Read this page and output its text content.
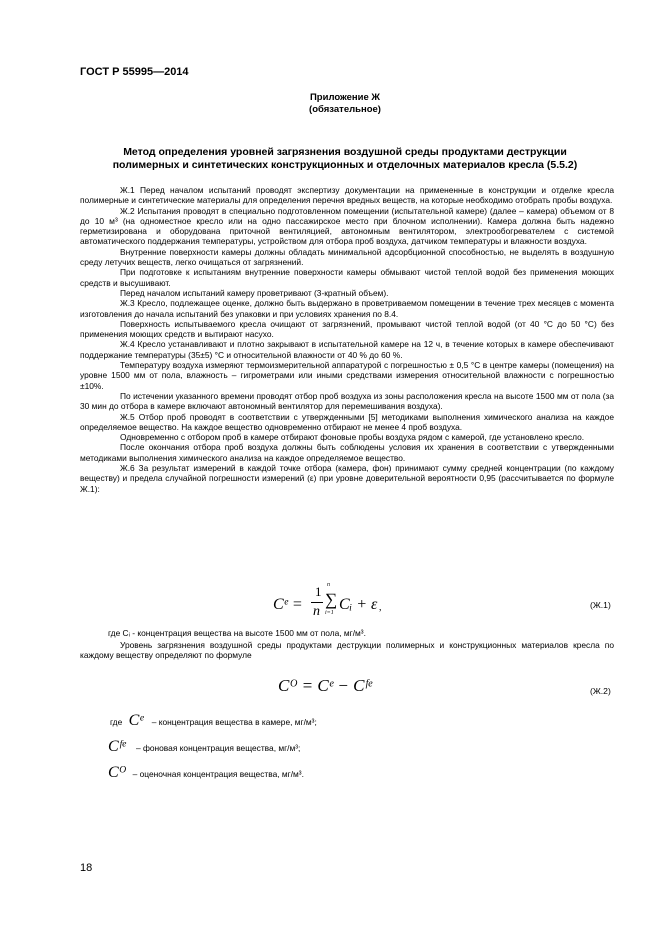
ГОСТ Р 55995—2014
Приложение Ж
(обязательное)
Метод определения уровней загрязнения воздушной среды продуктами деструкции
полимерных и синтетических конструкционных и отделочных материалов кресла (5.5.2)

Ж.1 Перед началом испытаний проводят экспертизу документации на примененные в конструкции и отделке кресла полимерные и синтетические материалы для определения перечня вредных веществ, на которые необходимо отобрать пробы воздуха.

Ж.2 Испытания проводят в специально подготовленном помещении (испытательной камере) (далее – камера) объемом от 8 до 10 м³ (на одноместное кресло или на одно пассажирское место при блочном исполнении). Камера должна быть надежно герметизирована и оборудована приточной вентиляцией, автономным вентилятором, электрообогревателем с системой автоматического поддержания температуры, устройством для отбора проб воздуха, датчиком температуры и влажности воздуха.

Внутренние поверхности камеры должны обладать минимальной адсорбционной способностью, не выделять в воздушную среду летучих веществ, легко очищаться от загрязнений.

При подготовке к испытаниям внутренние поверхности камеры обмывают чистой теплой водой без применения моющих средств и высушивают.

Перед началом испытаний камеру проветривают (3-кратный объем).

Ж.3 Кресло, подлежащее оценке, должно быть выдержано в проветриваемом помещении в течение трех месяцев с момента изготовления до начала испытаний без упаковки и при условиях хранения по 8.4.

Поверхность испытываемого кресла очищают от загрязнений, промывают чистой теплой водой (от 40 °С до 50 °С) без применения моющих средств и вытирают насухо.

Ж.4 Кресло устанавливают и плотно закрывают в испытательной камере на 12 ч, в течение которых в камере обеспечивают поддержание температуры (35±5) °С и относительной влажности от 40 % до 60 %.

Температуру воздуха измеряют термоизмерительной аппаратурой с погрешностью ± 0,5 °С в центре камеры (помещения) на уровне 1500 мм от пола, влажность – гигрометрами или иными средствами измерения относительной влажности с погрешностью ±10%.

По истечении указанного времени проводят отбор проб воздуха из зоны расположения кресла на высоте 1500 мм от пола (за 30 мин до отбора в камере включают автономный вентилятор для перемешивания воздуха).

Ж.5 Отбор проб проводят в соответствии с утвержденными [5] методиками выполнения химического анализа на каждое определяемое вещество. На каждое вещество одновременно отбирают не менее 4 проб воздуха.

Одновременно с отбором проб в камере отбирают фоновые пробы воздуха рядом с камерой, где установлено кресло.

После окончания отбора проб воздуха должны быть соблюдены условия их хранения в соответствии с утвержденными методиками выполнения химического анализа на каждое определяемое вещество.

Ж.6 За результат измерений в каждой точке отбора (камера, фон) принимают сумму средней концентрации (по каждому веществу) и предела случайной погрешности измерений (ε) при уровне доверительной вероятности 0,95 (рассчитывается по формуле Ж.1):

Cᵉ =
1
n
n
∑
i=1 Cᵢ + ε ,	(Ж.1)
где Cᵢ - концентрация вещества на высоте 1500 мм от пола, мг/м³.

Уровень загрязнения воздушной среды продуктами деструкции полимерных и конструкционных материалов кресла по каждому веществу определяют по формуле

Cᴼ = Cᵉ − Cᶠᵉ	(Ж.2)
где Cᵉ – концентрация вещества в камере, мг/м³;
Cᶠᵉ – фоновая концентрация вещества, мг/м³;
Cᴼ – оценочная концентрация вещества, мг/м³.
18
